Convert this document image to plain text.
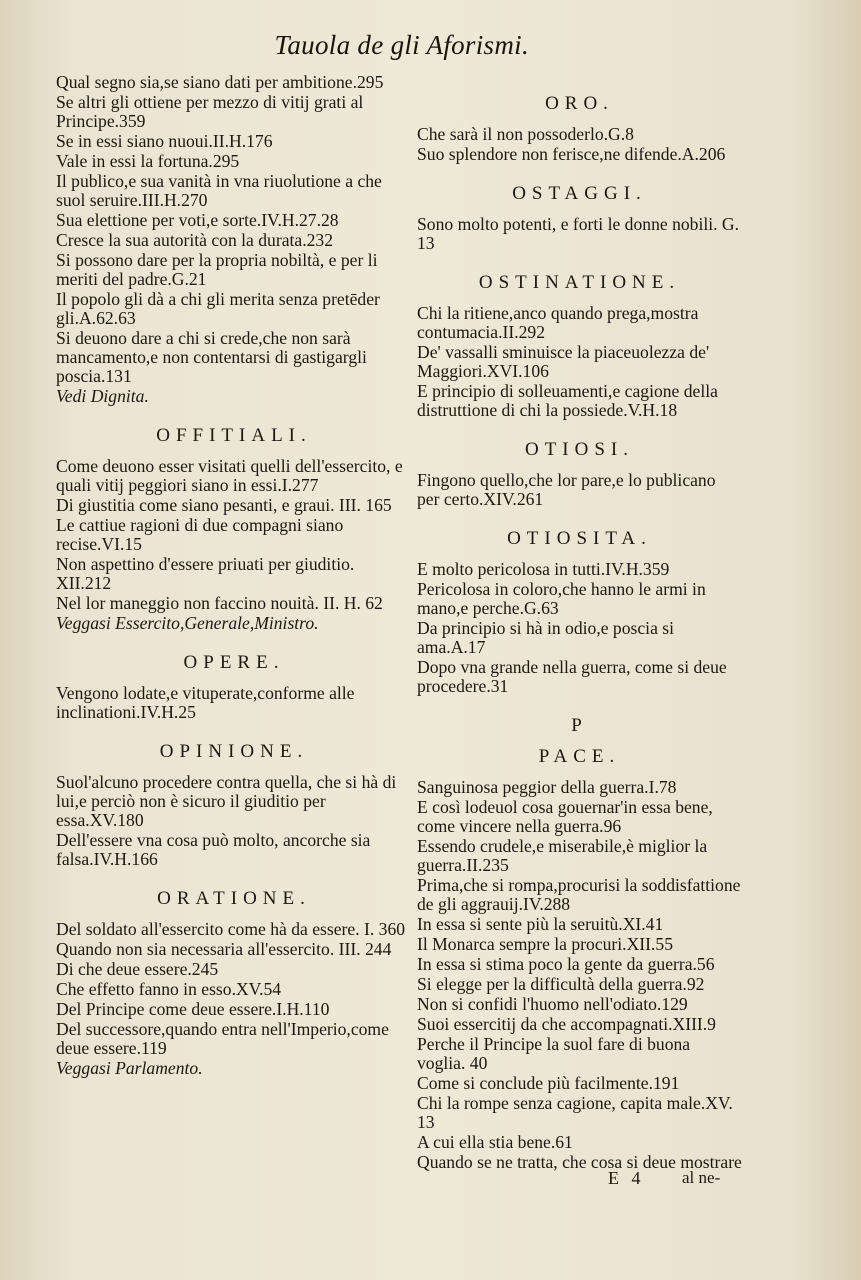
Tauola de gli Aforismi.
Qual segno sia,se siano dati per ambitione.295
Se altri gli ottiene per mezzo di vitij grati al Principe.359
Se in essi siano nuoui.II.H.176
Vale in essi la fortuna.295
Il publico,e sua vanità in vna riuolutione a che suol seruire.III.H.270
Sua elettione per voti,e sorte.IV.H.27.28
Cresce la sua autorità con la durata.232
Si possono dare per la propria nobiltà, e per li meriti del padre.G.21
Il popolo gli dà a chi gli merita senza pretēder gli.A.62.63
Si deuono dare a chi si crede,che non sarà mancamento,e non contentarsi di gastigargli poscia.131
Vedi Dignita.
OFFITIALI.
Come deuono esser visitati quelli dell'essercito, e quali vitij peggiori siano in essi.I.277
Di giustitia come siano pesanti, e graui. III. 165
Le cattiue ragioni di due compagni siano recise.VI.15
Non aspettino d'essere priuati per giuditio. XII.212
Nel lor maneggio non faccino nouità. II. H. 62
Veggasi Essercito,Generale,Ministro.
OPERE.
Vengono lodate,e vituperate,conforme alle inclinationi.IV.H.25
OPINIONE.
Suol'alcuno procedere contra quella, che si hà di lui,e perciò non è sicuro il giuditio per essa.XV.180
Dell'essere vna cosa può molto, ancorche sia falsa.IV.H.166
ORATIONE.
Del soldato all'essercito come hà da essere. I. 360
Quando non sia necessaria all'essercito. III. 244
Di che deue essere.245
Che effetto fanno in esso.XV.54
Del Principe come deue essere.I.H.110
Del successore,quando entra nell'Imperio,come deue essere.119
Veggasi Parlamento.
ORO.
Che sarà il non possoderlo.G.8
Suo splendore non ferisce,ne difende.A.206
OSTAGGI.
Sono molto potenti, e forti le donne nobili. G. 13
OSTINATIONE.
Chi la ritiene,anco quando prega,mostra contumacia.II.292
De' vassalli sminuisce la piaceuolezza de' Maggiori.XVI.106
E principio di solleuamenti,e cagione della distruttione di chi la possiede.V.H.18
OTIOSI.
Fingono quello,che lor pare,e lo publicano per certo.XIV.261
OTIOSITA.
E molto pericolosa in tutti.IV.H.359
Pericolosa in coloro,che hanno le armi in mano,e perche.G.63
Da principio si hà in odio,e poscia si ama.A.17
Dopo vna grande nella guerra, come si deue procedere.31
P
PACE.
Sanguinosa peggior della guerra.I.78
E così lodeuol cosa gouernar'in essa bene, come vincere nella guerra.96
Essendo crudele,e miserabile,è miglior la guerra.II.235
Prima,che si rompa,procurisi la soddisfattione de gli aggrauij.IV.288
In essa si sente più la seruitù.XI.41
Il Monarca sempre la procuri.XII.55
In essa si stima poco la gente da guerra.56
Si elegge per la difficultà della guerra.92
Non si confidi l'huomo nell'odiato.129
Suoi essercitij da che accompagnati.XIII.9
Perche il Principe la suol fare di buona voglia. 40
Come si conclude più facilmente.191
Chi la rompe senza cagione, capita male.XV. 13
A cui ella stia bene.61
Quando se ne tratta, che cosa si deue mostrare
E 4 al ne-
